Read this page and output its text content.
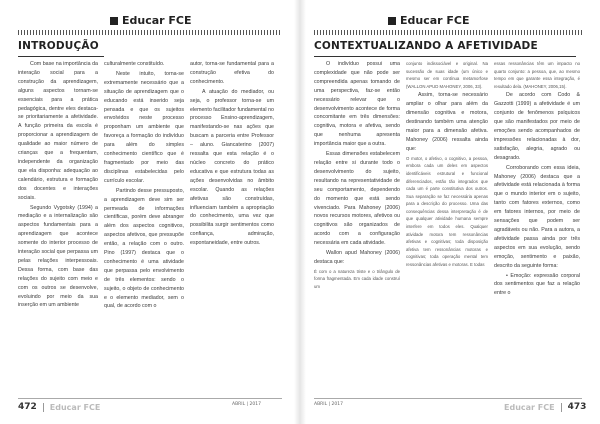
Educar FCE
INTRODUÇÃO

Com base na importância da interação social para a construção da aprendizagem, alguns aspectos tornam-se essenciais para a prática pedagógica, dentre eles destaca-se prioritariamente a afetividade. A função primeira da escola é proporcionar a aprendizagem de qualidade ao maior número de crianças que a frequentam, independente da organização que ela disponha: adequação ao calendário, estrutura e formação dos docentes e interações sociais.

Segundo Vygotsky (1994) a mediação e a internalização são aspectos fundamentais para a aprendizagem que acontece somente do interior processo de interação social que perpassa um pelas relações interpessoais. Dessa forma, com base das relações do sujeito com meio e com os outros se desenvolve, evoluindo por meio da sua inserção em um ambiente

culturalmente constituído.

Neste intuito, torna-se extremamente necessário que a situação de aprendizagem que o educando está inserido seja pensada e que os sujeitos envolvidos neste processo proponham um ambiente que favoreça a formação do indivíduo para além do simples conhecimento científico que é fragmentado por meio das disciplinas estabelecidas pelo currículo escolar.

Partindo desse pressuposto, a aprendizagem deve sim ser permeada de informações científicas, porém deve abranger além dos aspectos cognitivos, aspectos afetivos, que pressupõe então, a relação com o outro. Pino (1997) destaca que o conhecimento é uma atividade que perpassa pelo envolvimento de três elementos: sendo o sujeito, o objeto de conhecimento e o elemento mediador, sem o qual, de acordo com o

autor, torna-se fundamental para a construção efetiva do conhecimento.

A atuação do mediador, ou seja, o professor torna-se um elemento facilitador fundamental no processo Ensino-aprendizagem, manifestando-se nas ações que buscam a parceria entre Professor – aluno. Giancaterino (2007) ressalta que esta relação é o núcleo concreto do prático educativa e que estrutura todas as ações desenvolvidas no âmbito escolar. Quando as relações afetivas são construídas, influenciam também a apropriação do conhecimento, uma vez que possibilita surgir sentimentos como confiança, admiração, espontaneidade, entre outros.

472 Educar FCE	ABRIL | 2017
Educar FCE
CONTEXTUALIZANDO A AFETIVIDADE

O indivíduo possui uma complexidade que não pode ser compreendida apenas tomando de uma perspectiva, faz-se então necessário relevar que o desenvolvimento acontece de forma concomitante em três dimensões: cognitiva, motora e afetiva, sendo que nenhuma apresenta importância maior que a outra.

Essas dimensões estabelecem relação entre si durante todo o desenvolvimento do sujeito, resultando na representatividade de seu comportamento, dependendo do momento que está sendo vivenciado. Para Mahoney (2006) novos recursos motores, afetivos ou cognitivos são organizados de acordo com a configuração necessária em cada atividade.

Wallon apud Mahoney (2006) destaca que:

É com o a natureza triste e o triângulo de forma fragmentada. Em cada idade construí um

conjunto indissociável e original. Na sucessão de suas idade (um único e mesmo ser em contínua metamorfose (WALLON APUD MAHONEY, 2006, 33).

Assim, torna-se necessário ampliar o olhar para além da dimensão cognitiva e motora, destinando também uma atenção maior para a dimensão afetiva. Mahoney (2006) ressalta ainda que:

O motor, o afetivo, o cognitivo, a pessoa, embora cada um deles em aspectos identificáveis estrutural e funcional diferenciados, estão tão integrados que cada um é parte constitutiva dos outros. Sua separação se faz necessária apenas para a descrição do processo. Uma das consequências dessa interpretação é de que qualquer atividade humana sempre interfere em todos eles. Qualquer atividade motora tem ressonâncias afetivas e cognitivas; toda disposição afetiva tem ressonâncias motoras e cognitivas; toda operação mental tem ressonâncias afetivas e motoras. E todas

essas ressonâncias têm um impacto no quarto conjunto: a pessoa, que, ao mesmo tempo em que garante essa integração, é resultado dela. (MAHONEY, 2006,15).

De acordo com Codo & Gazzotti (1999) a afetividade é um conjunto de fenômenos psíquicos que são manifestados por meio de emoções sendo acompanhados de impressões relacionadas à dor, satisfação, alegria, agrado ou desagrado.

Corroborando com essa ideia, Mahoney (2006) destaca que a afetividade está relacionada à forma que o mundo interior em o sujeito, tanto com fatores externos, como em fatores internos, por meio de sensações que podem ser agradáveis ou não. Para a autora, a afetividade passa ainda por três aspectos em sua evolução, sendo emoção, sentimento e paixão, descrito da seguinte forma:

• Emoção: expressão corporal dos sentimentos que faz a relação entre o

ABRIL | 2017	Educar FCE 473
